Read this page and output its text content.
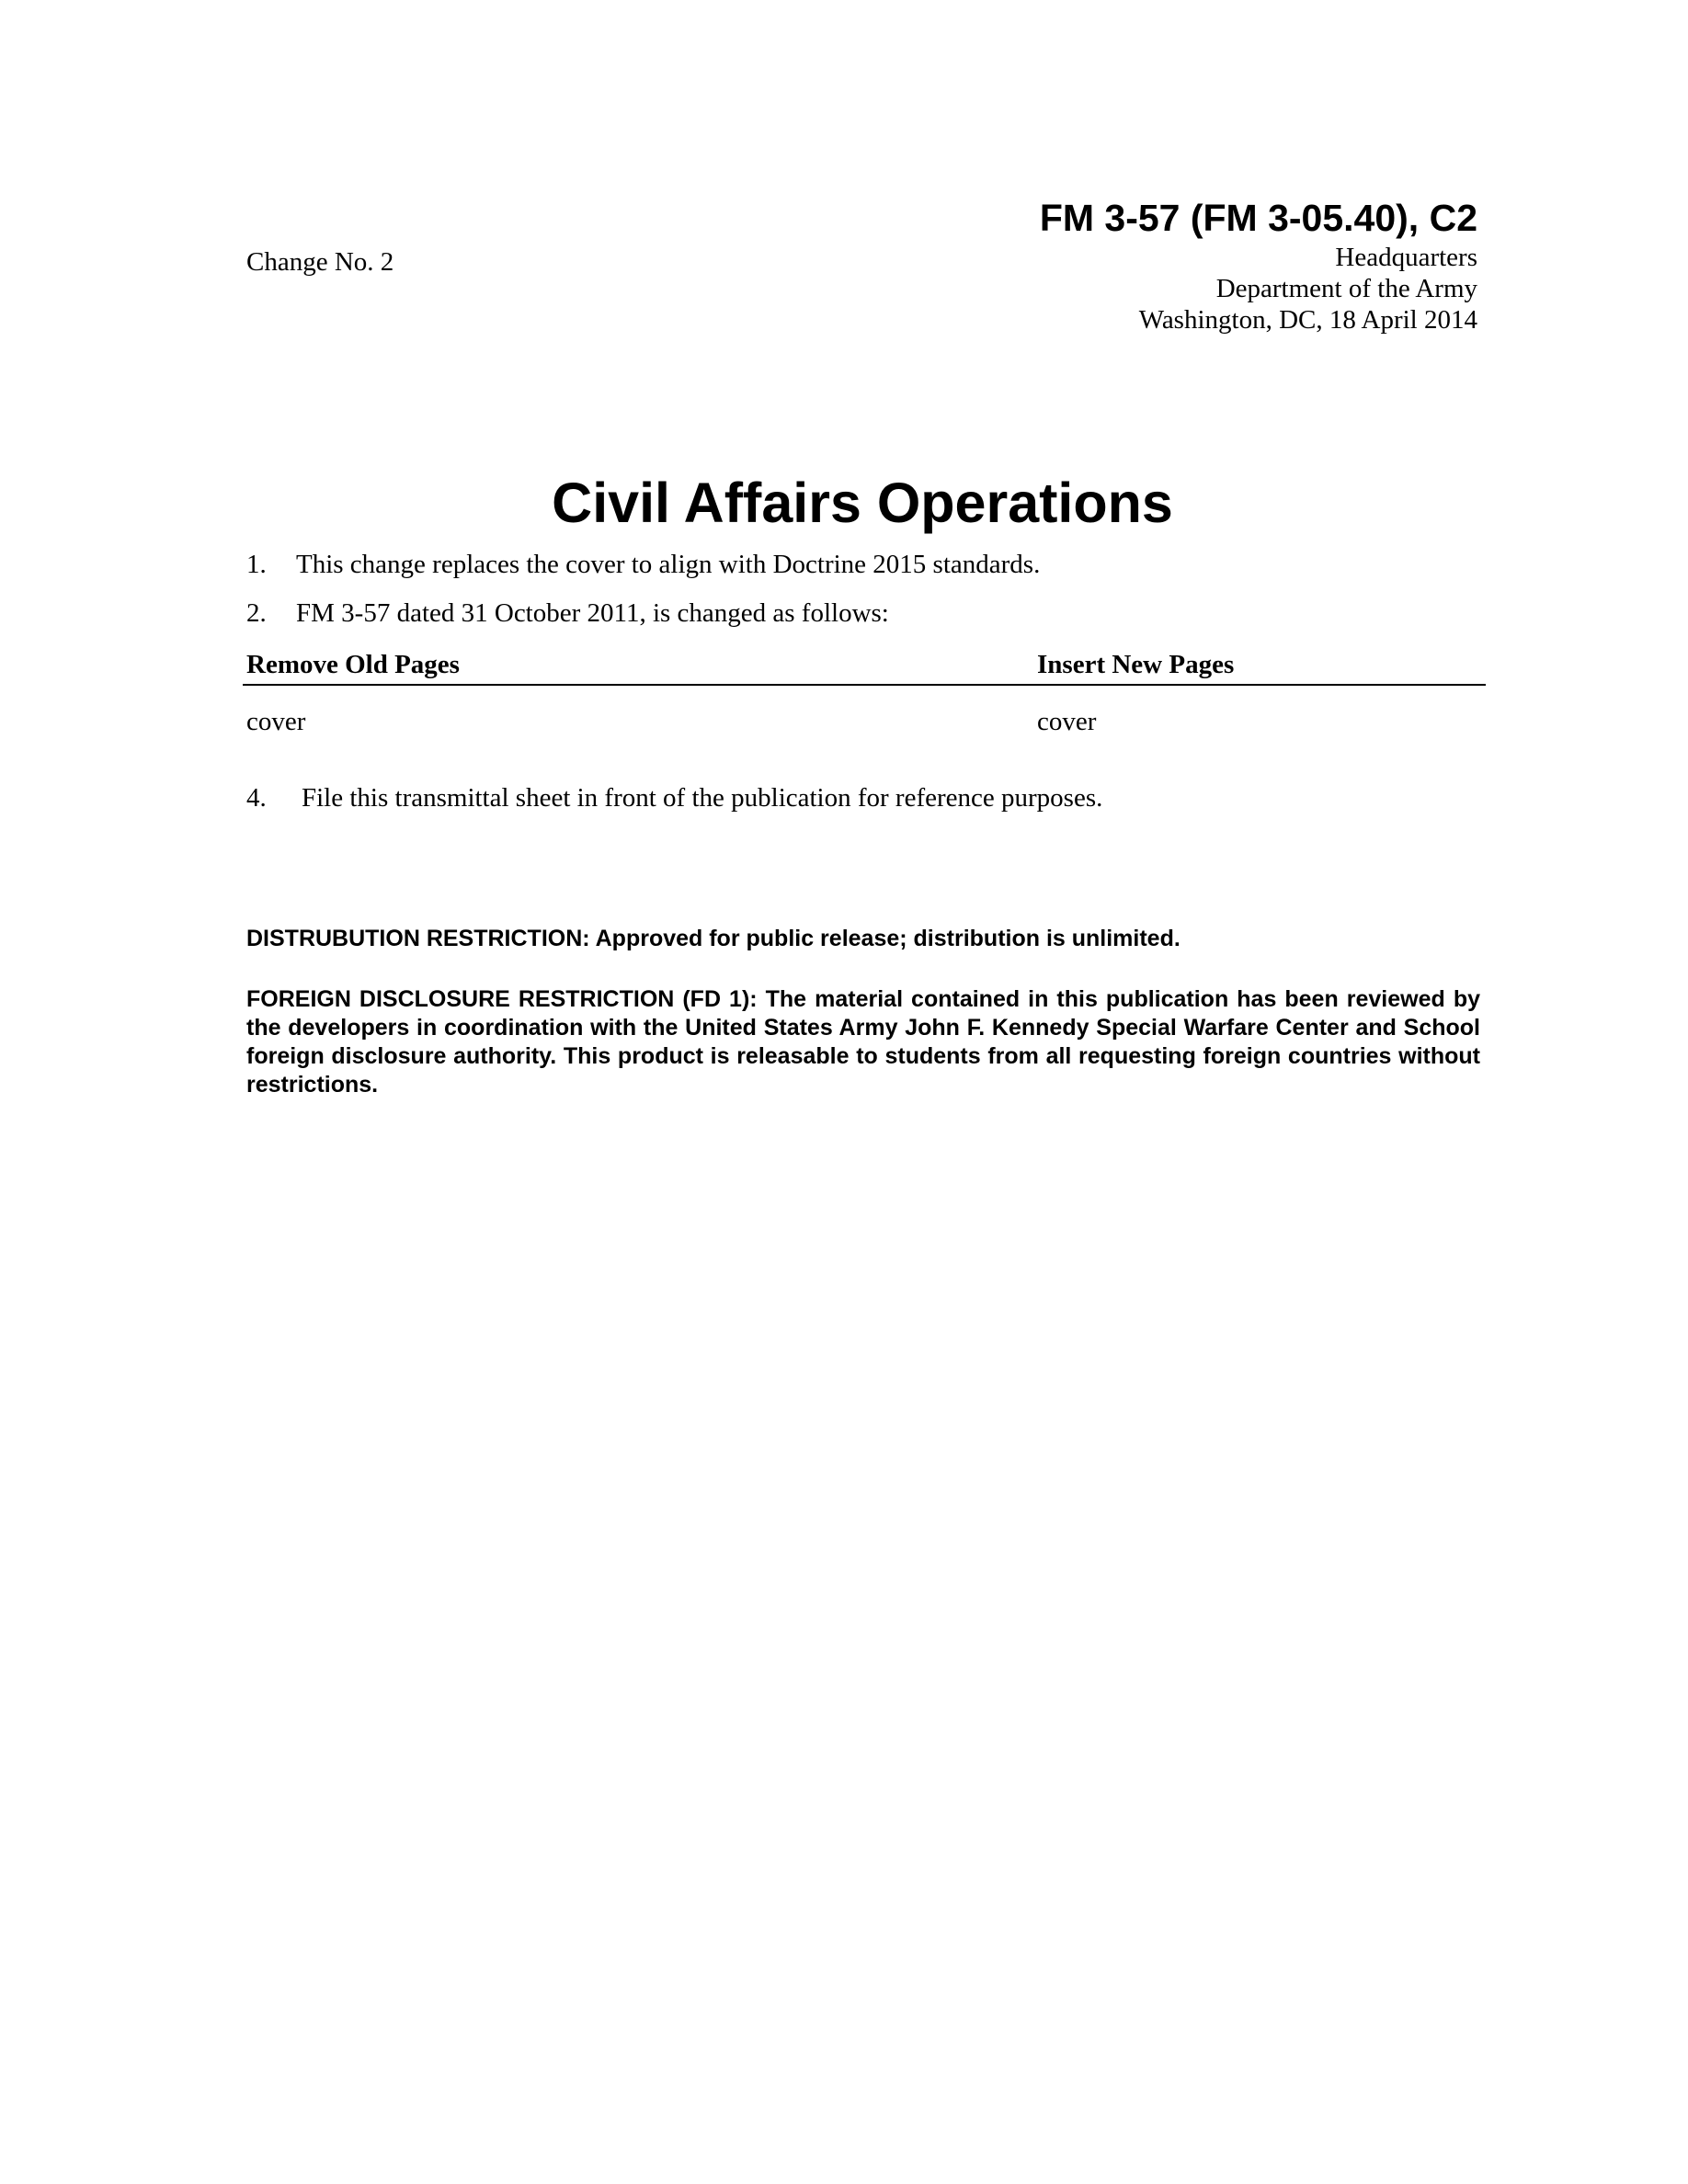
Change No. 2
FM 3-57 (FM 3-05.40), C2
Headquarters
Department of the Army
Washington, DC, 18 April 2014
Civil Affairs Operations
1. This change replaces the cover to align with Doctrine 2015 standards.
2. FM 3-57 dated 31 October 2011, is changed as follows:
Remove Old Pages	Insert New Pages
cover	cover
4. File this transmittal sheet in front of the publication for reference purposes.
DISTRUBUTION RESTRICTION: Approved for public release; distribution is unlimited.
FOREIGN DISCLOSURE RESTRICTION (FD 1): The material contained in this publication has been reviewed by the developers in coordination with the United States Army John F. Kennedy Special Warfare Center and School foreign disclosure authority. This product is releasable to students from all requesting foreign countries without restrictions.
